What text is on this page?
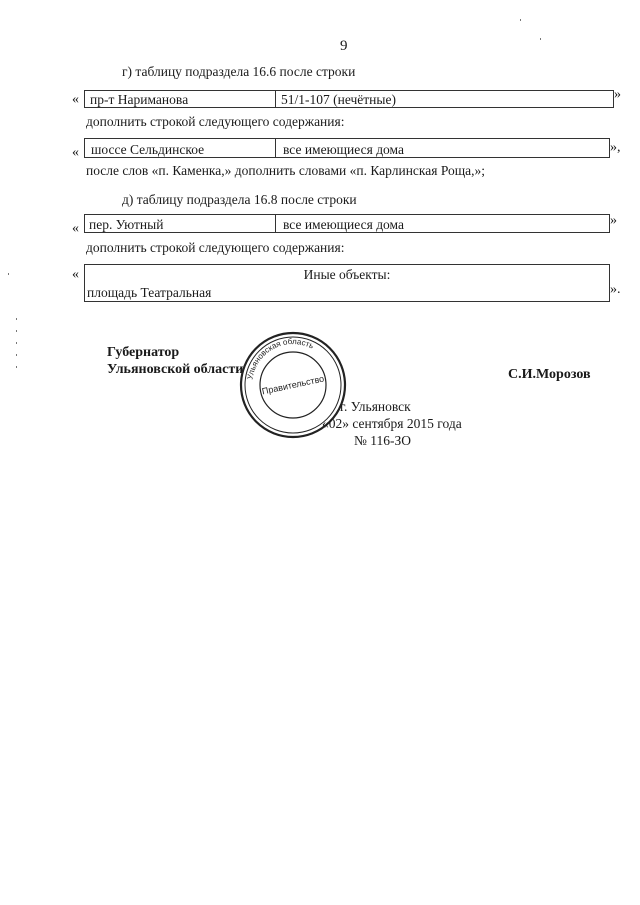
9
г) таблицу подраздела 16.6 после строки
« пр-т Наримановa	51/1-107 (нечётные)	»
дополнить строкой следующего содержания:
« шоссе Сельдинское	все имеющиеся дома	»,
после слов «п. Каменка,» дополнить словами «п. Карлинская Роща,»;
д) таблицу подраздела 16.8 после строки
« пер. Уютный	все имеющиеся дома	»
дополнить строкой следующего содержания:
«	Иные объекты:
площадь Театральная	».
Губернатор
Ульяновской области	С.И.Морозов
Ульяновская область
Правительство
г. Ульяновск
«02» сентября 2015 года
№ 116-ЗО
